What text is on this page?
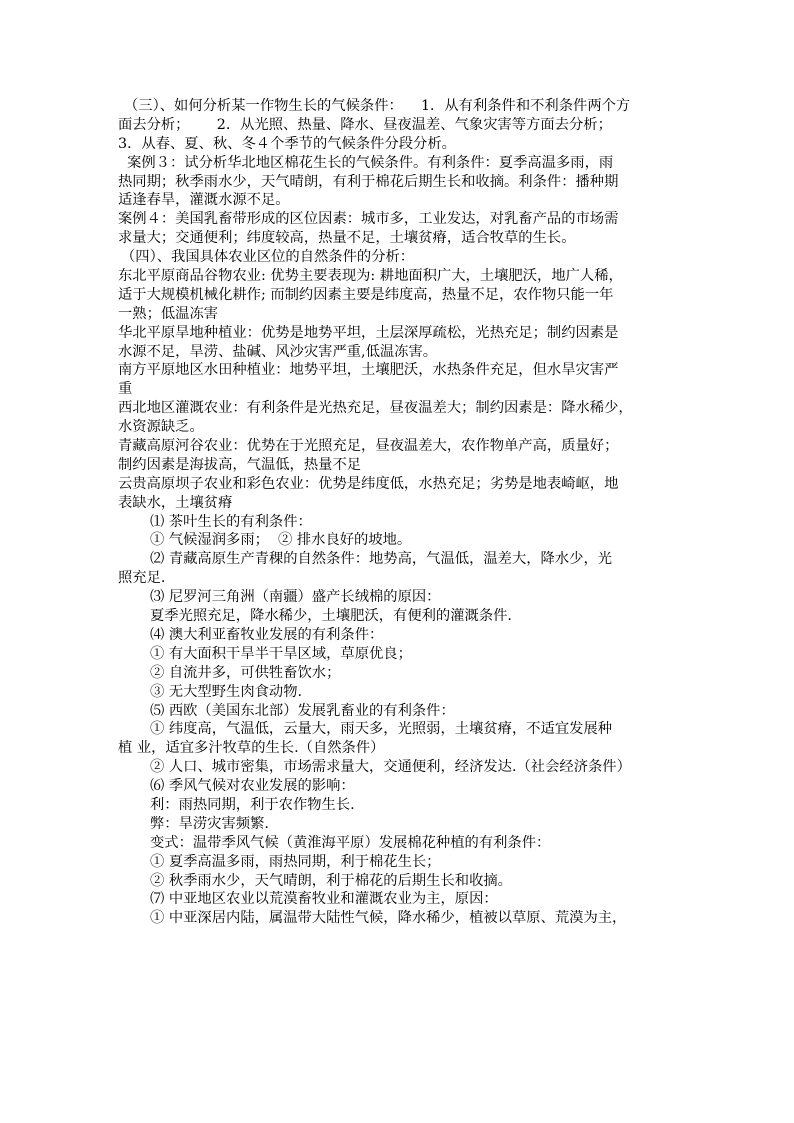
（三）、如何分析某一作物生长的气候条件：    1．从有利条件和不利条件两个方
面去分析；      2．从光照、热量、降水、昼夜温差、气象灾害等方面去分析；
3．从春、夏、秋、冬４个季节的气候条件分段分析。
案例３：试分析华北地区棉花生长的气候条件。有利条件：夏季高温多雨，雨
热同期；秋季雨水少，天气晴朗，有利于棉花后期生长和收摘。利条件：播种期
适逢春旱，灌溉水源不足。
案例４：美国乳畜带形成的区位因素：城市多，工业发达，对乳畜产品的市场需
求量大；交通便利；纬度较高，热量不足，土壤贫瘠，适合牧草的生长。
（四）、我国具体农业区位的自然条件的分析：
东北平原商品谷物农业: 优势主要表现为: 耕地面积广大，土壤肥沃，地广人稀，
适于大规模机械化耕作; 而制约因素主要是纬度高，热量不足，农作物只能一年
一熟；低温冻害
华北平原旱地种植业：优势是地势平坦，土层深厚疏松，光热充足；制约因素是
水源不足，旱涝、盐碱、风沙灾害严重,低温冻害。
南方平原地区水田种植业：地势平坦，土壤肥沃，水热条件充足，但水旱灾害严
重
西北地区灌溉农业：有利条件是光热充足，昼夜温差大；制约因素是：降水稀少，
水资源缺乏。
青藏高原河谷农业：优势在于光照充足，昼夜温差大，农作物单产高，质量好；
制约因素是海拔高，气温低，热量不足
云贵高原坝子农业和彩色农业：优势是纬度低，水热充足；劣势是地表崎岖，地
表缺水，土壤贫瘠
⑴ 茶叶生长的有利条件：
① 气候湿润多雨；  ② 排水良好的坡地。
⑵ 青藏高原生产青稞的自然条件：地势高，气温低，温差大，降水少，光
照充足.
⑶ 尼罗河三角洲（南疆）盛产长绒棉的原因：
夏季光照充足，降水稀少，土壤肥沃，有便利的灌溉条件.
⑷ 澳大利亚畜牧业发展的有利条件：
① 有大面积干旱半干旱区域，草原优良；
② 自流井多，可供牲畜饮水；
③ 无大型野生肉食动物.
⑸ 西欧（美国东北部）发展乳畜业的有利条件：
① 纬度高，气温低，云量大，雨天多，光照弱，土壤贫瘠，不适宜发展种
植 业，适宜多汁牧草的生长.（自然条件）
② 人口、城市密集，市场需求量大，交通便利，经济发达.（社会经济条件）
⑹ 季风气候对农业发展的影响：
利：雨热同期，利于农作物生长.
弊：旱涝灾害频繁.
变式：温带季风气候（黄淮海平原）发展棉花种植的有利条件：
① 夏季高温多雨，雨热同期，利于棉花生长；
② 秋季雨水少，天气晴朗，利于棉花的后期生长和收摘。
⑺ 中亚地区农业以荒漠畜牧业和灌溉农业为主，原因：
① 中亚深居内陆，属温带大陆性气候，降水稀少，植被以草原、荒漠为主，
